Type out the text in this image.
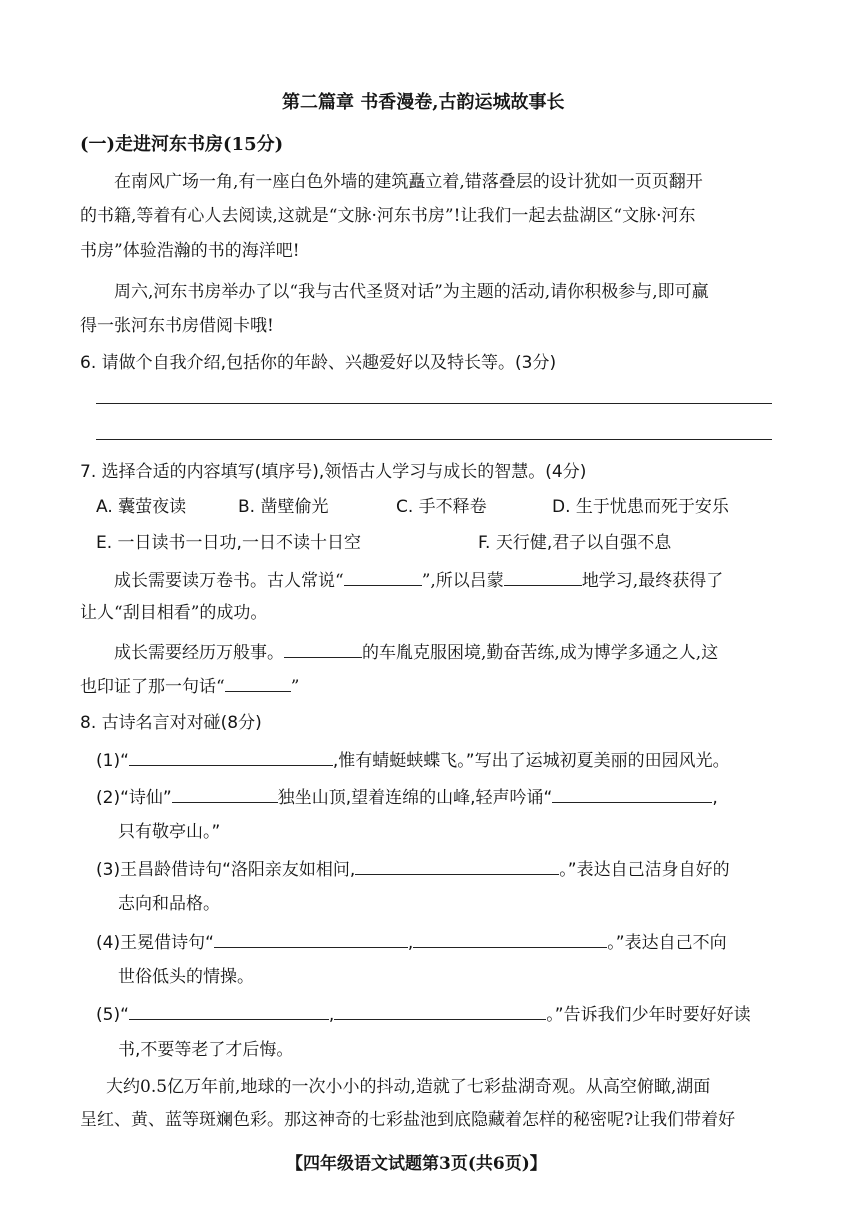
第二篇章 书香漫卷,古韵运城故事长
(一)走进河东书房(15分)
在南风广场一角,有一座白色外墙的建筑矗立着,错落叠层的设计犹如一页页翻开
的书籍,等着有心人去阅读,这就是“文脉·河东书房”!让我们一起去盐湖区“文脉·河东
书房”体验浩瀚的书的海洋吧!
周六,河东书房举办了以“我与古代圣贤对话”为主题的活动,请你积极参与,即可赢
得一张河东书房借阅卡哦!
6. 请做个自我介绍,包括你的年龄、兴趣爱好以及特长等。(3分)
7. 选择合适的内容填写(填序号),领悟古人学习与成长的智慧。(4分)
A. 囊萤夜读	B. 凿壁偷光	C. 手不释卷	D. 生于忧患而死于安乐
E. 一日读书一日功,一日不读十日空	F. 天行健,君子以自强不息
成长需要读万卷书。古人常说“	”,所以吕蒙	地学习,最终获得了
让人“刮目相看”的成功。
成长需要经历万般事。	的车胤克服困境,勤奋苦练,成为博学多通之人,这
也印证了那一句话“	”
8. 古诗名言对对碰(8分)
(1)“	,惟有蜻蜓蛱蝶飞。”写出了运城初夏美丽的田园风光。
(2)“诗仙”	独坐山顶,望着连绵的山峰,轻声吟诵“	,
只有敬亭山。”
(3)王昌龄借诗句“洛阳亲友如相问,	。”表达自己洁身自好的
志向和品格。
(4)王冕借诗句“	,	。”表达自己不向
世俗低头的情操。
(5)“	,	。”告诉我们少年时要好好读
书,不要等老了才后悔。
大约0.5亿万年前,地球的一次小小的抖动,造就了七彩盐湖奇观。从高空俯瞰,湖面
呈红、黄、蓝等斑斓色彩。那这神奇的七彩盐池到底隐藏着怎样的秘密呢?让我们带着好
【四年级语文试题第3页(共6页)】
